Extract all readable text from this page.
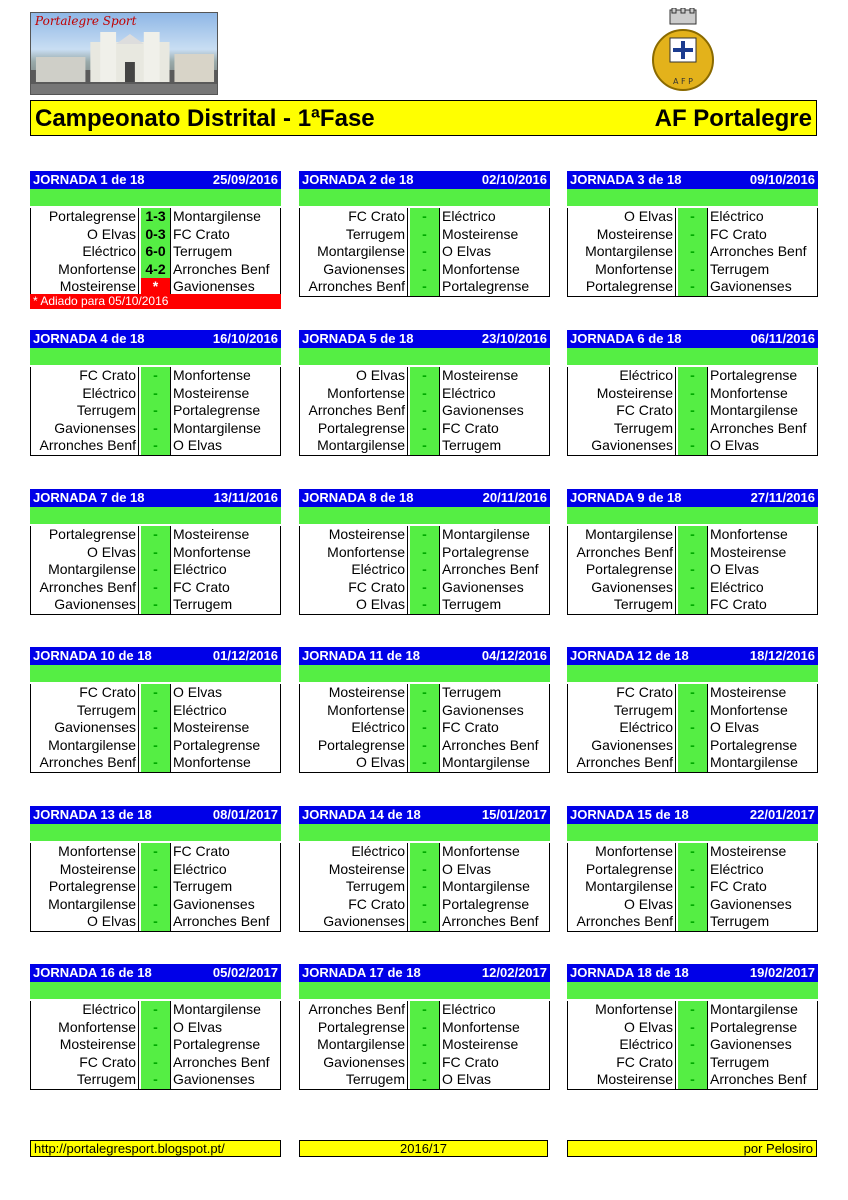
Portalegre Sport
A F P
Campeonato Distrital - 1ªFase	AF Portalegre
JORNADA 1 de 18	25/09/2016
Portalegrense 1-3 Montargilense
O Elvas 0-3 FC Crato
Eléctrico 6-0 Terrugem
Monfortense 4-2 Arronches Benf
Mosteirense	*	Gavionenses
JORNADA 2 de 18	02/10/2016
FC Crato	-	Eléctrico
Terrugem	-	Mosteirense
Montargilense	-	O Elvas
Gavionenses	-	Monfortense
Arronches Benf	-	Portalegrense
JORNADA 3 de 18	09/10/2016
O Elvas	-	Eléctrico
Mosteirense	-	FC Crato
Montargilense	-	Arronches Benf
Monfortense	-	Terrugem
Portalegrense	-	Gavionenses
JORNADA 4 de 18	16/10/2016
FC Crato	-	Monfortense
Eléctrico	-	Mosteirense
Terrugem	-	Portalegrense
Gavionenses	-	Montargilense
Arronches Benf	-	O Elvas
JORNADA 5 de 18	23/10/2016
O Elvas	-	Mosteirense
Monfortense	-	Eléctrico
Arronches Benf	-	Gavionenses
Portalegrense	-	FC Crato
Montargilense	-	Terrugem
JORNADA 6 de 18	06/11/2016
Eléctrico	-	Portalegrense
Mosteirense	-	Monfortense
FC Crato	-	Montargilense
Terrugem	-	Arronches Benf
Gavionenses	-	O Elvas
JORNADA 7 de 18	13/11/2016
Portalegrense	-	Mosteirense
O Elvas	-	Monfortense
Montargilense	-	Eléctrico
Arronches Benf	-	FC Crato
Gavionenses	-	Terrugem
JORNADA 8 de 18	20/11/2016
Mosteirense	-	Montargilense
Monfortense	-	Portalegrense
Eléctrico	-	Arronches Benf
FC Crato	-	Gavionenses
O Elvas	-	Terrugem
JORNADA 9 de 18	27/11/2016
Montargilense	-	Monfortense
Arronches Benf	-	Mosteirense
Portalegrense	-	O Elvas
Gavionenses	-	Eléctrico
Terrugem	-	FC Crato
JORNADA 10 de 18	01/12/2016
FC Crato	-	O Elvas
Terrugem	-	Eléctrico
Gavionenses	-	Mosteirense
Montargilense	-	Portalegrense
Arronches Benf	-	Monfortense
JORNADA 11 de 18	04/12/2016
Mosteirense	-	Terrugem
Monfortense	-	Gavionenses
Eléctrico	-	FC Crato
Portalegrense	-	Arronches Benf
O Elvas	-	Montargilense
JORNADA 12 de 18	18/12/2016
FC Crato	-	Mosteirense
Terrugem	-	Monfortense
Eléctrico	-	O Elvas
Gavionenses	-	Portalegrense
Arronches Benf	-	Montargilense
JORNADA 13 de 18	08/01/2017
Monfortense	-	FC Crato
Mosteirense	-	Eléctrico
Portalegrense	-	Terrugem
Montargilense	-	Gavionenses
O Elvas	-	Arronches Benf
JORNADA 14 de 18	15/01/2017
Eléctrico	-	Monfortense
Mosteirense	-	O Elvas
Terrugem	-	Montargilense
FC Crato	-	Portalegrense
Gavionenses	-	Arronches Benf
JORNADA 15 de 18	22/01/2017
Monfortense	-	Mosteirense
Portalegrense	-	Eléctrico
Montargilense	-	FC Crato
O Elvas	-	Gavionenses
Arronches Benf	-	Terrugem
JORNADA 16 de 18	05/02/2017
Eléctrico	-	Montargilense
Monfortense	-	O Elvas
Mosteirense	-	Portalegrense
FC Crato	-	Arronches Benf
Terrugem	-	Gavionenses
JORNADA 17 de 18	12/02/2017
Arronches Benf	-	Eléctrico
Portalegrense	-	Monfortense
Montargilense	-	Mosteirense
Gavionenses	-	FC Crato
Terrugem	-	O Elvas
JORNADA 18 de 18	19/02/2017
Monfortense	-	Montargilense
O Elvas	-	Portalegrense
Eléctrico	-	Gavionenses
FC Crato	-	Terrugem
Mosteirense	-	Arronches Benf
* Adiado para 05/10/2016
http://portalegresport.blogspot.pt/	2016/17	por Pelosiro
